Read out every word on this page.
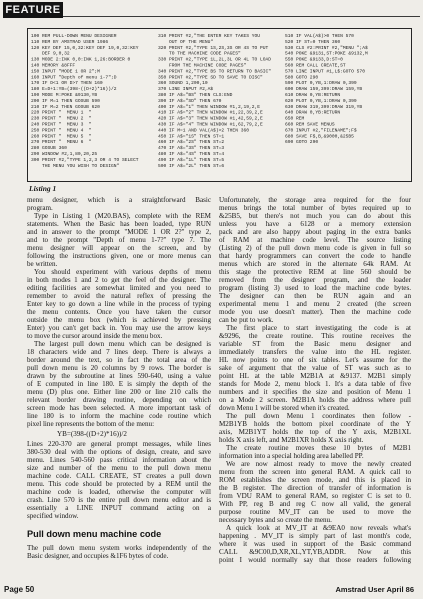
FEATURE
100 REM PULL-DOWN MENU DESIGNER
110 REM BY AMSTRAD USER 1986
120 KEY DEF 15,0,32:KEY DEF 19,0,32:KEY
DEF 9,0,32
130 MODE 2:INK 0,0:INK 1,26:BORDER 0
140 MEMORY &8FFF
150 INPUT "MODE 1 OR 2";M
160 INPUT "Depth of menu 1-7";D
170 IF D<1 OR D>7 THEN 160
180 E=D+1:YB=(398-((D+2)*16))/2
190 MODE M:POKE &9130,YB
200 IF M=1 THEN GOSUB 590
210 IF M=2 THEN GOSUB 620
220 PRINT "  MENU 1  "
230 PRINT "  MENU 2  "
240 PRINT "  MENU 3  "
250 PRINT "  MENU 4  "
260 PRINT "  MENU 5  "
270 PRINT "  MENU 6  "
280 GOSUB 360
290 WINDOW #2,1,80,20,25
300 PRINT #2,"TYPE 1,2,3 OR 4 TO SELECT
THE MENU YOU WISH TO DESIGN"
310 PRINT #2,"THE ENTER KEY TAKES YOU
OUT OF THE MENU"
320 PRINT #2,"TYPE 1S,2S,3S OR 4S TO PUT
TO THE MACHINE CODE PAGES"
330 PRINT #2,"TYPE 1L,2L,3L OR 4L TO LOAD
FROM THE MACHINE CODE PAGES"
340 PRINT #2,"TYPE BS TO RETURN TO BASIC"
350 PRINT #2,"TYPE SD TO SAVE TO DISC"
360 SOUND 1,200,10
370 LINE INPUT #2,A$
380 IF A$="BS" THEN CLS:END
390 IF A$="SD" THEN 670
400 IF A$="1" THEN WINDOW #1,2,19,2,E
410 IF A$="2" THEN WINDOW #1,22,39,2,E
420 IF A$="3" THEN WINDOW #1,42,59,2,E
430 IF A$="4" THEN WINDOW #1,62,79,2,E
440 IF M=1 AND VAL(A$)>2 THEN 360
450 IF A$="1S" THEN ST=1
460 IF A$="2S" THEN ST=2
470 IF A$="3S" THEN ST=3
480 IF A$="4S" THEN ST=4
490 IF A$="1L" THEN ST=5
500 IF A$="2L" THEN ST=6
510 IF VAL(A$)>0 THEN 570
520 IF ST=0 THEN 360
530 CLS #2:PRINT #2,"MENU ";A$
540 POKE &9131,ST:POKE &9132,M
550 POKE &9133,D:ST=0
560 REM CALL CREATE,ST
570 LINE INPUT #1,L$:GOTO 570
580 GOTO 290
590 PLOT 0,YB,1:DRAW 0,399
600 DRAW 159,399:DRAW 159,YB
610 DRAW 0,YB:RETURN
620 PLOT 0,YB,1:DRAW 0,399
630 DRAW 319,399:DRAW 319,YB
640 DRAW 0,YB:RETURN
650 REM
660 REM SAVE MENUS
670 INPUT #2,"FILENAME";F$
680 SAVE F$,B,&9000,&25B5
690 GOTO 290
Listing 1
menu designer, which is a straightforward Basic
program.
Type in Listing 1 (M20.BAS), complete with the REM
statements. When the Basic has been loaded, type RUN
and in answer to the prompt "MODE 1 OR 2?" type 2,
and to the prompt "Depth of menu 1-7?" type 7. The
menu designer will appear on the screen, and by
following the instructions given, one or more menus can
be written.
You should experiment with various depths of menu
in both modes 1 and 2 to get the feel of the designer. The
editing facilities are somewhat limited and you need to
remember to avoid the natural reflex of pressing the
Enter key to go down a line while in the process of typing
the menu contents. Once you have taken the cursor
outside the menu box (which is achieved by pressing
Enter) you can't get back in. You may use the arrow keys
to move the cursor around inside the menu box.
The largest pull down menu which can be designed is
18 characters wide and 7 lines deep. There is always a
border around the text, so in fact the total area of the
pull down menu is 20 columns by 9 rows. The border is
drawn by the subroutine at lines 590-640, using a value
of E computed in line 180. E is simply the depth of the
menu (D) plus one. Either line 200 or line 210 calls the
relevant border drawing routine, depending on which
screen mode has been selected. A more important task of
line 180 is to inform the machine code routine which
pixel line represents the bottom of the menu:
YB=(398-((D+2)*16))/2
Lines 220-370 are general prompt messages, while lines
380-530 deal with the options of design, create, and save
menu. Lines 540-560 pass critical information about the
size and number of the menu to the pull down menu
machine code. CALL CREATE, ST creates a pull down
menu. This code should be protected by a REM until the
machine code is loaded, otherwise the computer will
crash. Line 570 is the entire pull down menu editor and is
essentially a LINE INPUT command acting on a
specified window.
Pull down menu machine code
The pull down menu system works independently of the
Basic designer, and occupies &1F6 bytes of code.
Unfortunately, the storage area required for the four
menus brings the total number of bytes required up to
&25B5, but there's not much you can do about this
unless you have a 6128 or a memory extension
pack and are also happy about paging in the extra banks
of RAM at machine code level. The source listing
(Listing 2) of the pull down menu code is given in full so
that hardy programmers can convert the code to handle
menus which are stored in the alternate 64k RAM. At
this stage the protective REM at line 560 should be
removed from the designer program, and the loader
program (listing 3) used to load the machine code bytes.
The designer can then be RUN again and an
experimental menu 1 and menu 2 created (the screen
mode you use doesn't matter). Then the machine code
can be put to work.
The first place to start investigating the code is at
&9296, the create routine. This routine receives the
variable ST from the Basic menu designer and
immediately transfers the value into the HL register.
HL now points to one of six tables. Let's assume for the
sake of argument that the value of ST was such as to
point HL at the table M2B1A at &9137. M2B1 simply
stands for Mode 2, menu block 1. It's a data table of five
numbers and it specifies the size and position of Menu 1
on a Mode 2 screen. M2B1A holds the address where pull
down Menu 1 will be stored when it's created.
The pull down Menu 1 coordinates then follow -
M2B1YB holds the bottom pixel coordinate of the Y
axis, M2B1YT holds the top of the Y axis, M2B1XL
holds X axis left, and M2B1XR holds X axis right.
The create routine moves these 10 bytes of M2B1
information into a special holding area labelled PP.
We are now almost ready to move the newly created
menu from the screen into general RAM. A quick call to
ROM establishes the screen mode, and this is placed in
the B register. The direction of transfer of information is
from VDU RAM to general RAM, so register C is set to 0.
With PP, reg B and reg C now all valid, the general
purpose routine MV_IT can be used to move the
necessary bytes and so create the menu.
A quick look at MV_IT at &9EA0 now reveals what's
happening . MV_IT is simply part of last month's code,
where it was used in support of the Basic command
CALL &9C00,D,XR,XL,YT,YB,ADDR. Now at this
point I would normally say that those readers following
Page 50	Amstrad User April 86
